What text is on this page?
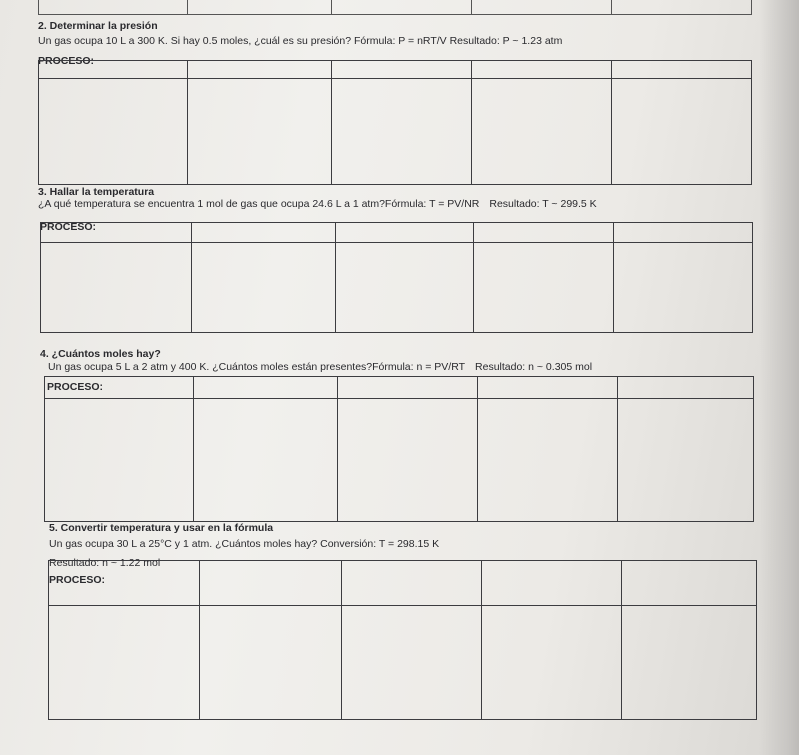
2. Determinar la presión
Un gas ocupa 10 L a 300 K. Si hay 0.5 moles, ¿cuál es su presión? Fórmula: P = nRT/V Resultado: P ~ 1.23 atm
PROCESO:
3. Hallar la temperatura
¿A qué temperatura se encuentra 1 mol de gas que ocupa 24.6 L a 1 atm?Fórmula: T = PV/NR Resultado: T ~ 299.5 K
PROCESO:
4. ¿Cuántos moles hay?
Un gas ocupa 5 L a 2 atm y 400 K. ¿Cuántos moles están presentes?Fórmula: n = PV/RT Resultado: n ~ 0.305 mol
PROCESO:
5. Convertir temperatura y usar en la fórmula
Un gas ocupa 30 L a 25°C y 1 atm. ¿Cuántos moles hay? Conversión: T = 298.15 K
Resultado: n ~ 1.22 mol
PROCESO:
